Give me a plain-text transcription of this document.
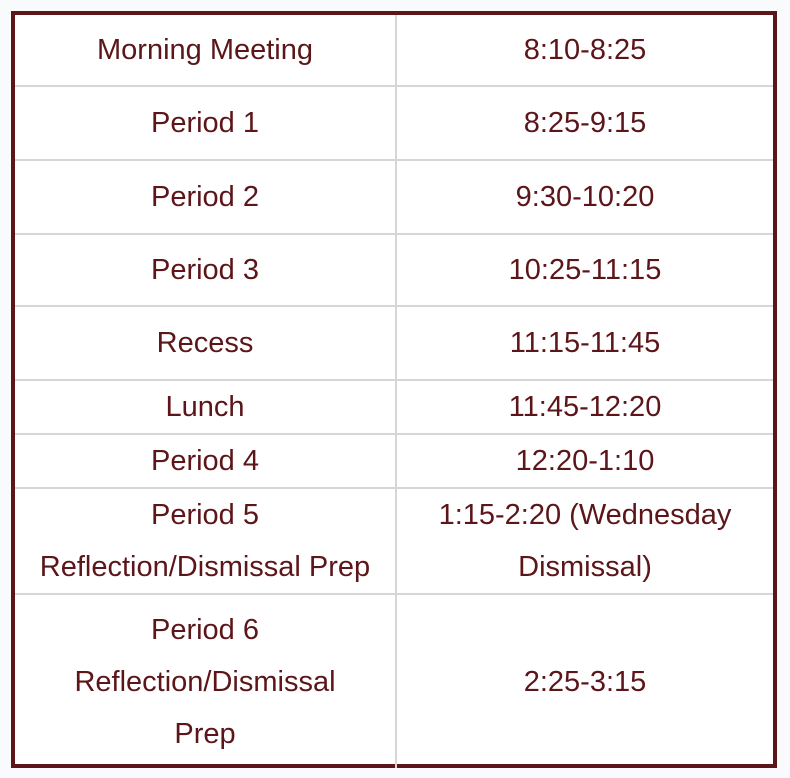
Morning Meeting	8:10-8:25

Period 1	8:25-9:15

Period 2	9:30-10:20

Period 3	10:25-11:15

Recess	11:15-11:45

Lunch	11:45-12:20

Period 4	12:20-1:10

Period 5
Reflection/Dismissal Prep	1:15-2:20 (Wednesday
Dismissal)

Period 6
Reflection/Dismissal
Prep	2:25-3:15
